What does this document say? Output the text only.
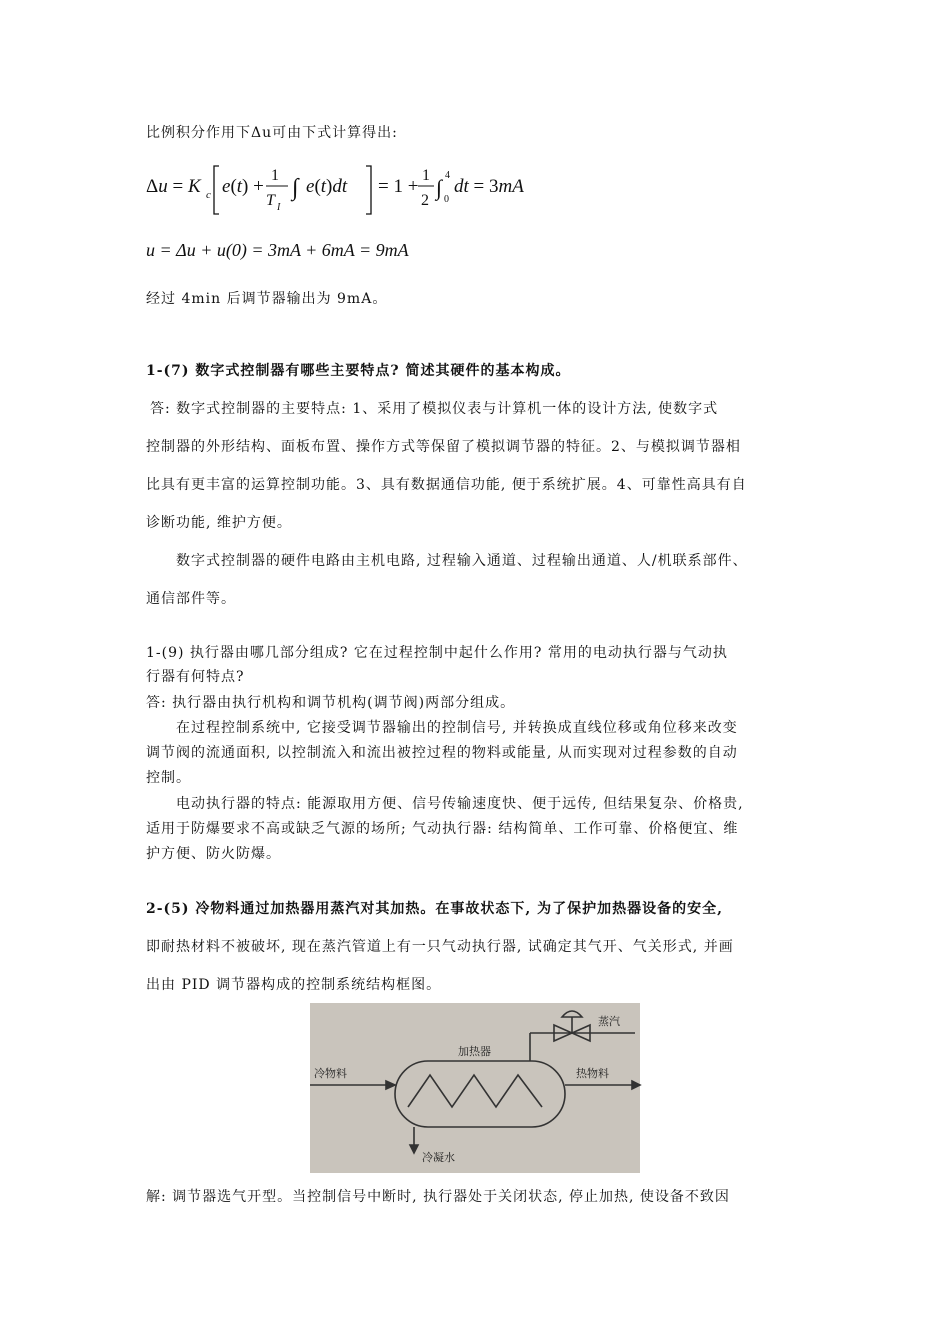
比例积分作用下Δu可由下式计算得出:
Δu = K c e(t) +
1
T I
∫ e(t)dt = 1 +
1
2
∫ 4
0
dt = 3mA
u = Δu + u(0) = 3mA + 6mA = 9mA
经过 4min 后调节器输出为 9mA。
1-(7) 数字式控制器有哪些主要特点? 简述其硬件的基本构成。
答: 数字式控制器的主要特点: 1、采用了模拟仪表与计算机一体的设计方法, 使数字式
控制器的外形结构、面板布置、操作方式等保留了模拟调节器的特征。2、与模拟调节器相
比具有更丰富的运算控制功能。3、具有数据通信功能, 便于系统扩展。4、可靠性高具有自
诊断功能, 维护方便。
数字式控制器的硬件电路由主机电路, 过程输入通道、过程输出通道、人/机联系部件、
通信部件等。
1-(9) 执行器由哪几部分组成? 它在过程控制中起什么作用? 常用的电动执行器与气动执
行器有何特点?
答: 执行器由执行机构和调节机构(调节阀)两部分组成。
在过程控制系统中, 它接受调节器输出的控制信号, 并转换成直线位移或角位移来改变
调节阀的流通面积, 以控制流入和流出被控过程的物料或能量, 从而实现对过程参数的自动
控制。
电动执行器的特点: 能源取用方便、信号传输速度快、便于远传, 但结果复杂、价格贵,
适用于防爆要求不高或缺乏气源的场所; 气动执行器: 结构简单、工作可靠、价格便宜、维
护方便、防火防爆。
2-(5) 冷物料通过加热器用蒸汽对其加热。在事故状态下, 为了保护加热器设备的安全,
即耐热材料不被破坏, 现在蒸汽管道上有一只气动执行器, 试确定其气开、气关形式, 并画
出由 PID 调节器构成的控制系统结构框图。
蒸汽
加热器
冷物料	热物料
冷凝水
解: 调节器选气开型。当控制信号中断时, 执行器处于关闭状态, 停止加热, 使设备不致因
